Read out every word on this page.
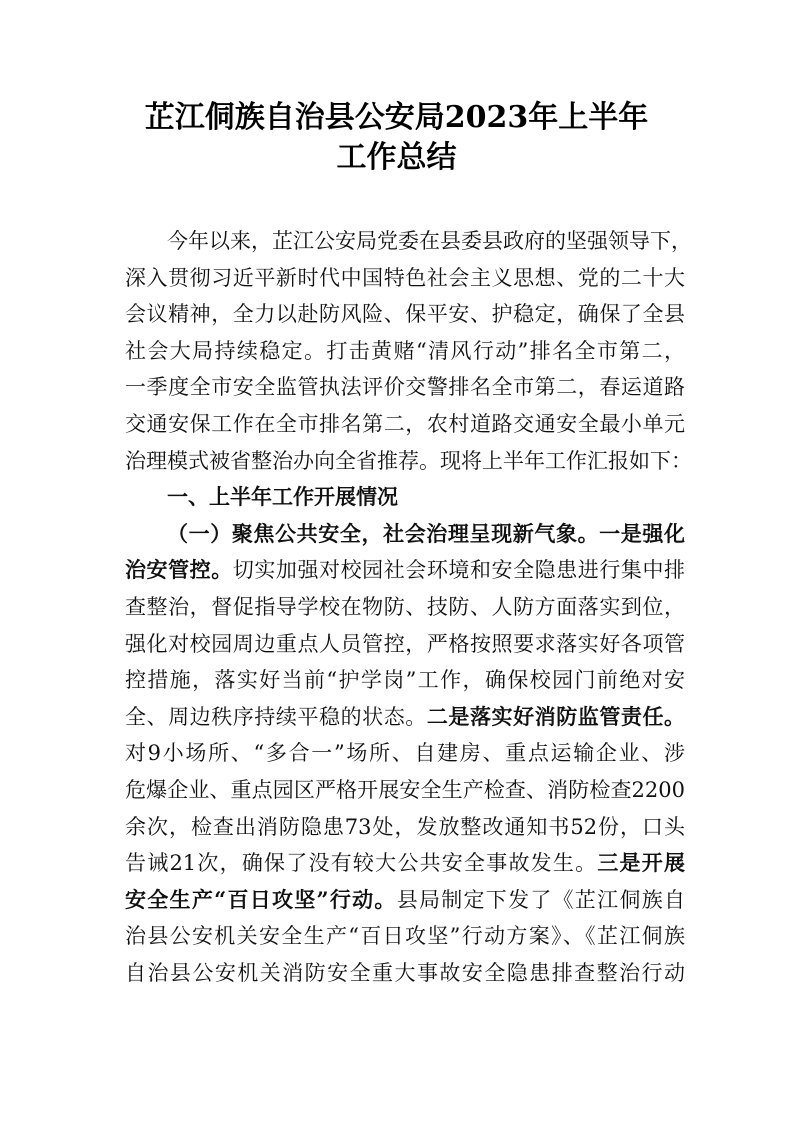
芷江侗族自治县公安局2023年上半年
工作总结
今年以来，芷江公安局党委在县委县政府的坚强领导下，
深入贯彻习近平新时代中国特色社会主义思想、党的二十大
会议精神，全力以赴防风险、保平安、护稳定，确保了全县
社会大局持续稳定。打击黄赌“清风行动”排名全市第二，
一季度全市安全监管执法评价交警排名全市第二，春运道路
交通安保工作在全市排名第二，农村道路交通安全最小单元
治理模式被省整治办向全省推荐。现将上半年工作汇报如下：
一、上半年工作开展情况
（一）聚焦公共安全，社会治理呈现新气象。一是强化
治安管控。切实加强对校园社会环境和安全隐患进行集中排
查整治，督促指导学校在物防、技防、人防方面落实到位，
强化对校园周边重点人员管控，严格按照要求落实好各项管
控措施，落实好当前“护学岗”工作，确保校园门前绝对安
全、周边秩序持续平稳的状态。二是落实好消防监管责任。
对9小场所、“多合一”场所、自建房、重点运输企业、涉
危爆企业、重点园区严格开展安全生产检查、消防检查2200
余次，检查出消防隐患73处，发放整改通知书52份，口头
告诫21次，确保了没有较大公共安全事故发生。三是开展
安全生产“百日攻坚”行动。县局制定下发了《芷江侗族自
治县公安机关安全生产“百日攻坚”行动方案》、《芷江侗族
自治县公安机关消防安全重大事故安全隐患排查整治行动
